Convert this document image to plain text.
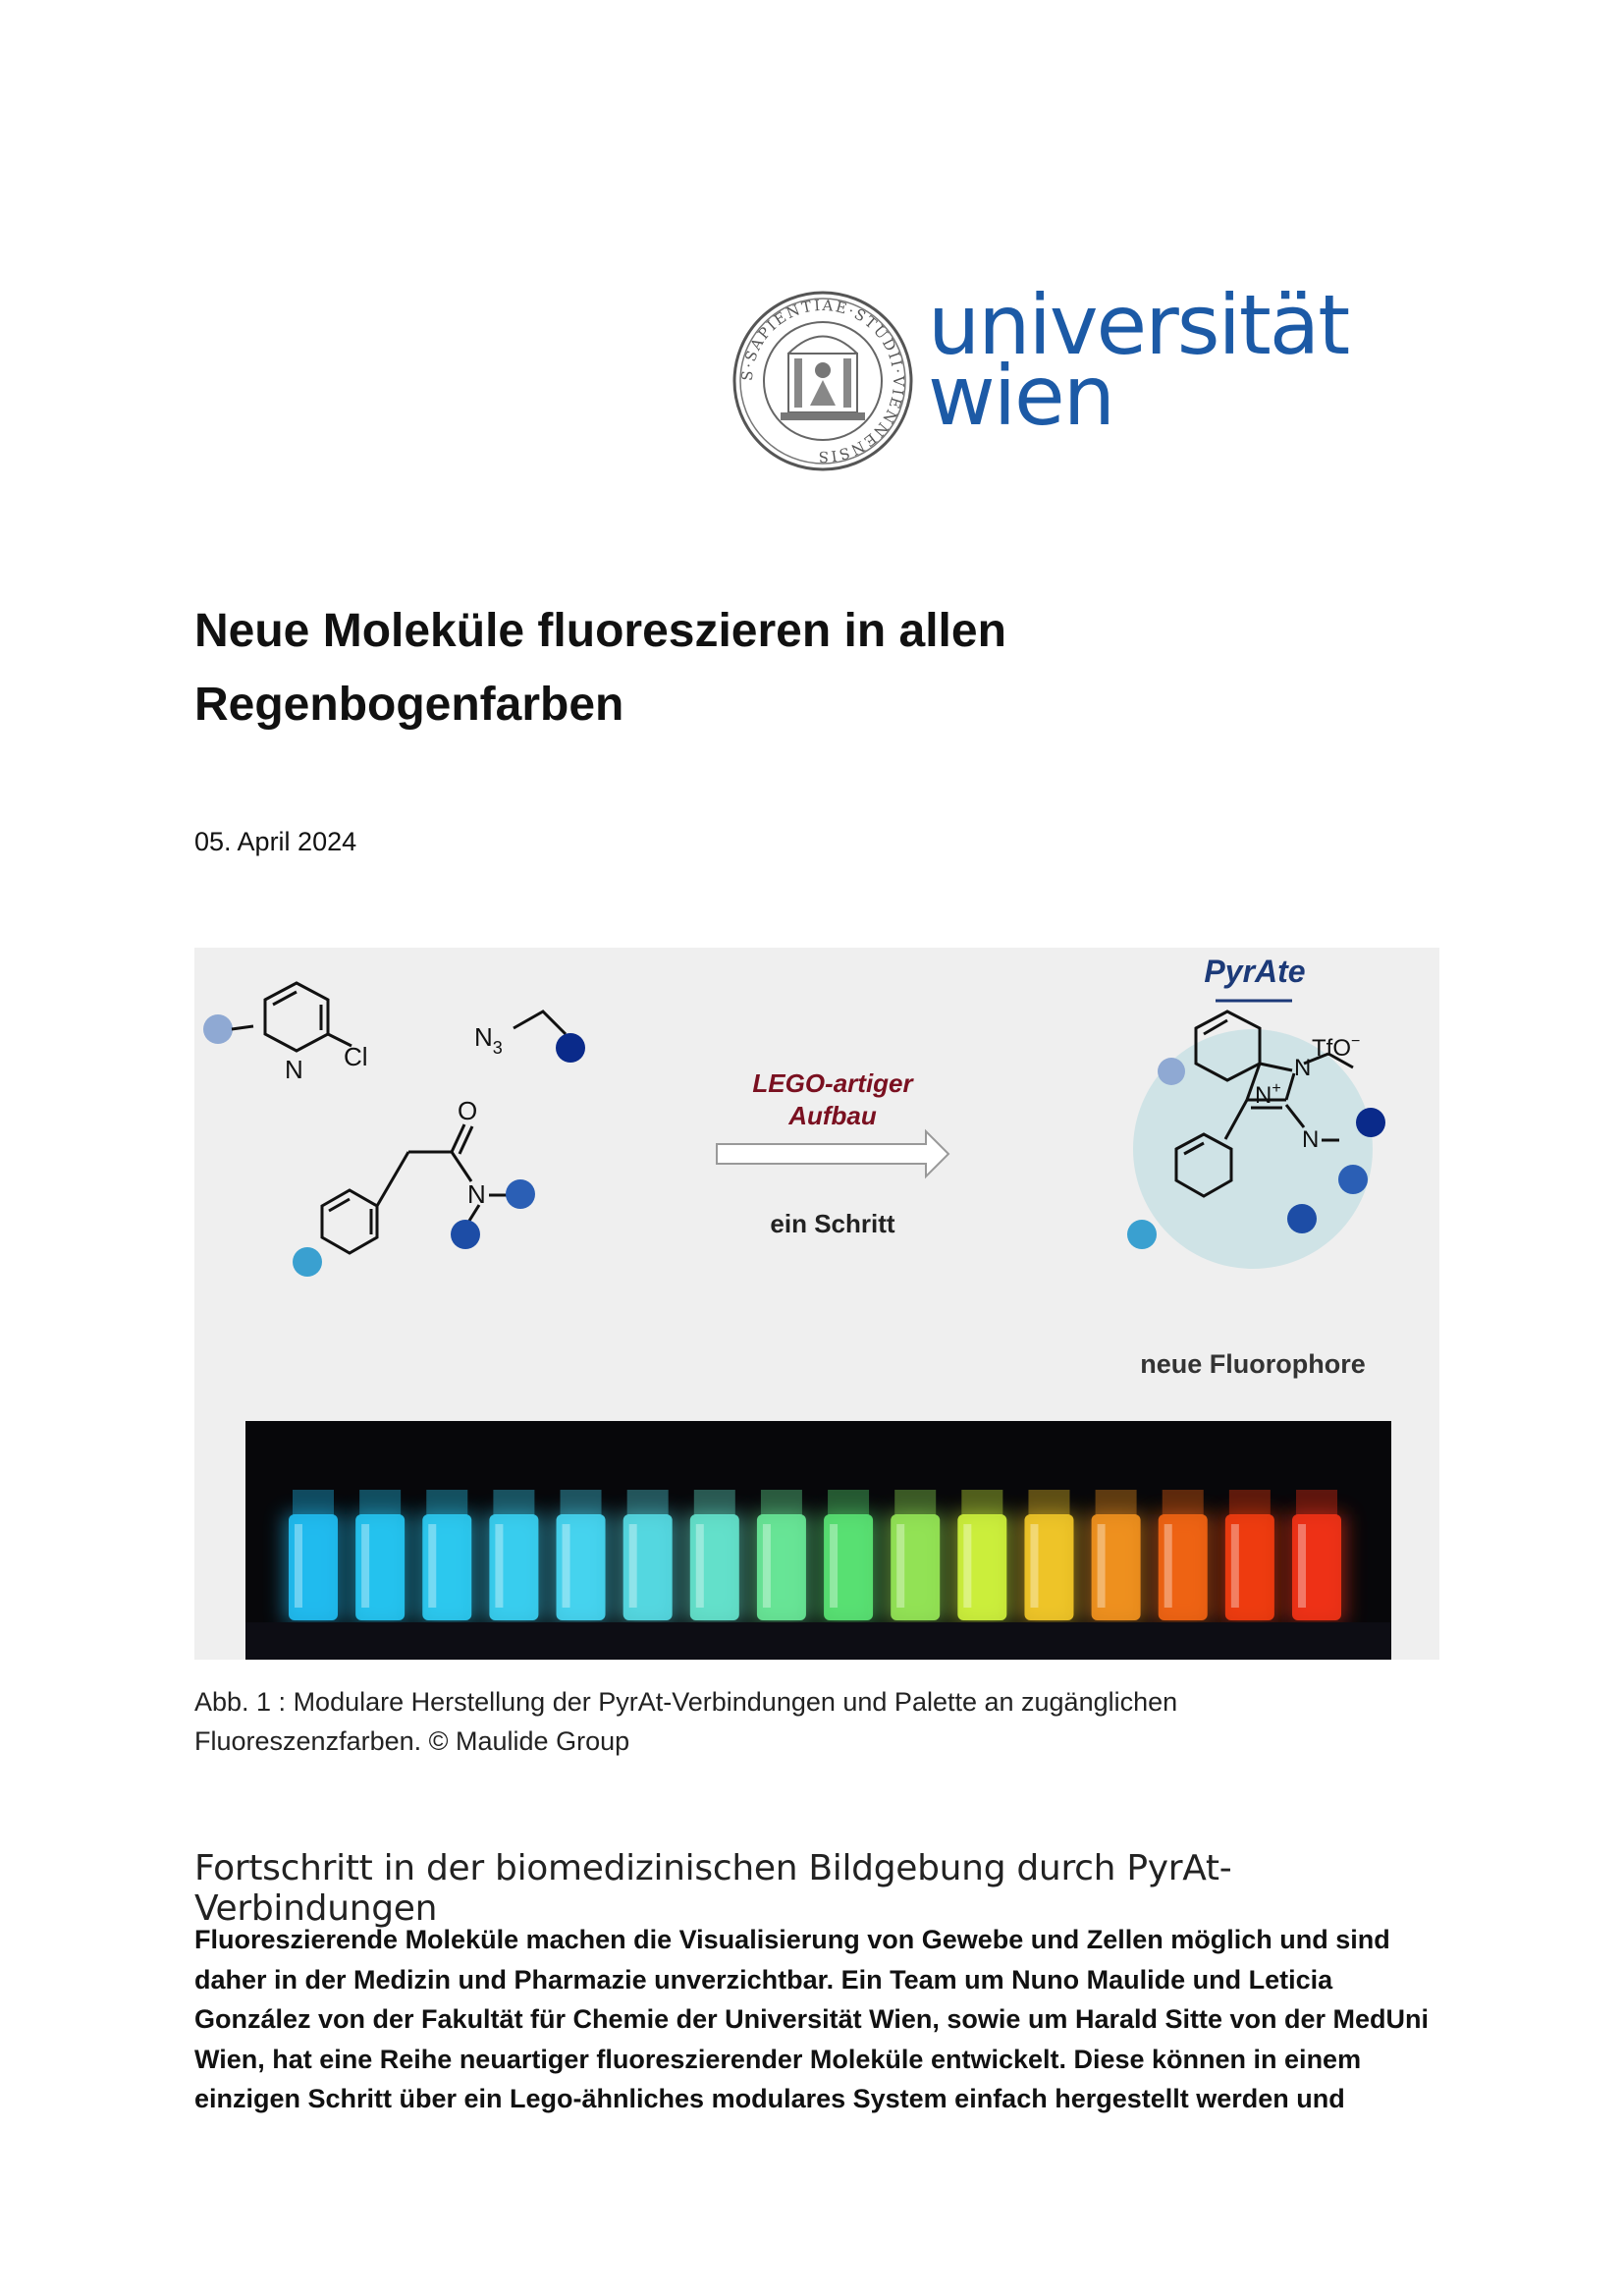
S·SAPIENTIAE·STUDII·VIENNENSIS
universität
wien
Neue Moleküle fluoreszieren in allen
Regenbogenfarben
05. April 2024
N Cl
$N_3$
O
N
LEGO-artiger
Aufbau
ein Schritt
PyrAte
TfO−
N+
N
N
neue Fluorophore
Abb. 1 : Modulare Herstellung der PyrAt-Verbindungen und Palette an zugänglichen
Fluoreszenzfarben. © Maulide Group
Fortschritt in der biomedizinischen Bildgebung durch PyrAt-Verbindungen
Fluoreszierende Moleküle machen die Visualisierung von Gewebe und Zellen möglich und sind
daher in der Medizin und Pharmazie unverzichtbar. Ein Team um Nuno Maulide und Leticia
González von der Fakultät für Chemie der Universität Wien, sowie um Harald Sitte von der MedUni
Wien, hat eine Reihe neuartiger fluoreszierender Moleküle entwickelt. Diese können in einem
einzigen Schritt über ein Lego-ähnliches modulares System einfach hergestellt werden und
